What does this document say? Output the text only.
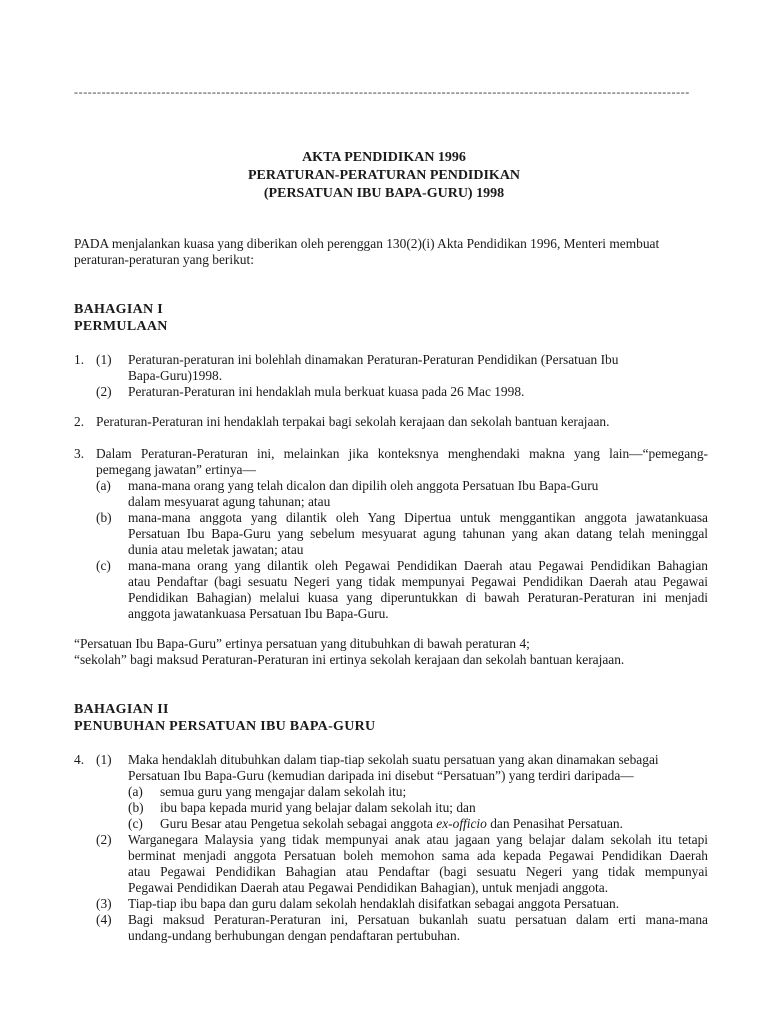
--------------------------------------------------------------------------------------------------------------------------------------
AKTA PENDIDIKAN 1996
PERATURAN-PERATURAN PENDIDIKAN
(PERSATUAN IBU BAPA-GURU) 1998
PADA menjalankan kuasa yang diberikan oleh perenggan 130(2)(i) Akta Pendidikan 1996, Menteri membuat
peraturan-peraturan yang berikut:
BAHAGIAN I
PERMULAAN
1. (1) Peraturan-peraturan ini bolehlah dinamakan Peraturan-Peraturan Pendidikan (Persatuan Ibu
Bapa-Guru)1998.
(2) Peraturan-Peraturan ini hendaklah mula berkuat kuasa pada 26 Mac 1998.
2. Peraturan-Peraturan ini hendaklah terpakai bagi sekolah kerajaan dan sekolah bantuan kerajaan.
3. Dalam Peraturan-Peraturan ini, melainkan jika konteksnya menghendaki makna yang lain—“pemegang-
pemegang jawatan” ertinya—
(a) mana-mana orang yang telah dicalon dan dipilih oleh anggota Persatuan Ibu Bapa-Guru
dalam mesyuarat agung tahunan; atau
(b) mana-mana anggota yang dilantik oleh Yang Dipertua untuk menggantikan anggota jawatankuasa
Persatuan Ibu Bapa-Guru yang sebelum mesyuarat agung tahunan yang akan datang telah meninggal
dunia atau meletak jawatan; atau
(c) mana-mana orang yang dilantik oleh Pegawai Pendidikan Daerah atau Pegawai Pendidikan Bahagian
atau Pendaftar (bagi sesuatu Negeri yang tidak mempunyai Pegawai Pendidikan Daerah atau Pegawai
Pendidikan Bahagian) melalui kuasa yang diperuntukkan di bawah Peraturan-Peraturan ini menjadi
anggota jawatankuasa Persatuan Ibu Bapa-Guru.
“Persatuan Ibu Bapa-Guru” ertinya persatuan yang ditubuhkan di bawah peraturan 4;
“sekolah” bagi maksud Peraturan-Peraturan ini ertinya sekolah kerajaan dan sekolah bantuan kerajaan.
BAHAGIAN II
PENUBUHAN PERSATUAN IBU BAPA-GURU
4. (1) Maka hendaklah ditubuhkan dalam tiap-tiap sekolah suatu persatuan yang akan dinamakan sebagai
Persatuan Ibu Bapa-Guru (kemudian daripada ini disebut “Persatuan”) yang terdiri daripada—
(a) semua guru yang mengajar dalam sekolah itu;
(b) ibu bapa kepada murid yang belajar dalam sekolah itu; dan
(c) Guru Besar atau Pengetua sekolah sebagai anggota ex-officio dan Penasihat Persatuan.
(2) Warganegara Malaysia yang tidak mempunyai anak atau jagaan yang belajar dalam sekolah itu tetapi
berminat menjadi anggota Persatuan boleh memohon sama ada kepada Pegawai Pendidikan Daerah
atau Pegawai Pendidikan Bahagian atau Pendaftar (bagi sesuatu Negeri yang tidak mempunyai
Pegawai Pendidikan Daerah atau Pegawai Pendidikan Bahagian), untuk menjadi anggota.
(3) Tiap-tiap ibu bapa dan guru dalam sekolah hendaklah disifatkan sebagai anggota Persatuan.
(4) Bagi maksud Peraturan-Peraturan ini, Persatuan bukanlah suatu persatuan dalam erti mana-mana
undang-undang berhubungan dengan pendaftaran pertubuhan.
